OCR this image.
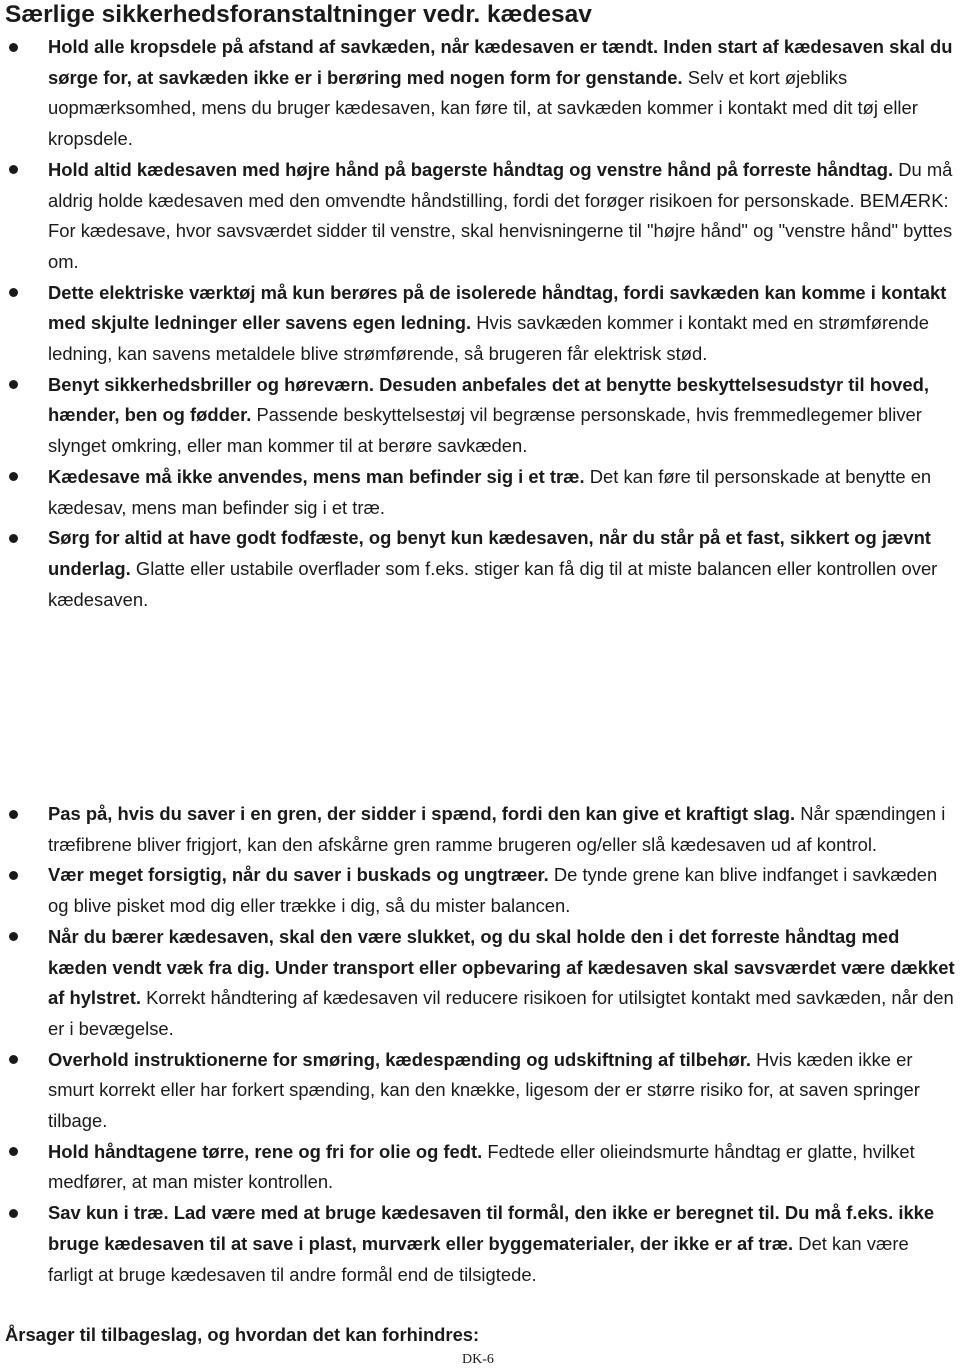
Særlige sikkerhedsforanstaltninger vedr. kædesav
Hold alle kropsdele på afstand af savkæden, når kædesaven er tændt. Inden start af kædesaven skal du sørge for, at savkæden ikke er i berøring med nogen form for genstande. Selv et kort øjebliks uopmærksomhed, mens du bruger kædesaven, kan føre til, at savkæden kommer i kontakt med dit tøj eller kropsdele.
Hold altid kædesaven med højre hånd på bagerste håndtag og venstre hånd på forreste håndtag. Du må aldrig holde kædesaven med den omvendte håndstilling, fordi det forøger risikoen for personskade. BEMÆRK: For kædesave, hvor savsværdet sidder til venstre, skal henvisningerne til "højre hånd" og "venstre hånd" byttes om.
Dette elektriske værktøj må kun berøres på de isolerede håndtag, fordi savkæden kan komme i kontakt med skjulte ledninger eller savens egen ledning. Hvis savkæden kommer i kontakt med en strømførende ledning, kan savens metaldele blive strømførende, så brugeren får elektrisk stød.
Benyt sikkerhedsbriller og høreværn. Desuden anbefales det at benytte beskyttelsesudstyr til hoved, hænder, ben og fødder. Passende beskyttelsestøj vil begrænse personskade, hvis fremmedlegemer bliver slynget omkring, eller man kommer til at berøre savkæden.
Kædesave må ikke anvendes, mens man befinder sig i et træ. Det kan føre til personskade at benytte en kædesav, mens man befinder sig i et træ.
Sørg for altid at have godt fodfæste, og benyt kun kædesaven, når du står på et fast, sikkert og jævnt underlag. Glatte eller ustabile overflader som f.eks. stiger kan få dig til at miste balancen eller kontrollen over kædesaven.
Pas på, hvis du saver i en gren, der sidder i spænd, fordi den kan give et kraftigt slag. Når spændingen i træfibrene bliver frigjort, kan den afskårne gren ramme brugeren og/eller slå kædesaven ud af kontrol.
Vær meget forsigtig, når du saver i buskads og ungtræer. De tynde grene kan blive indfanget i savkæden og blive pisket mod dig eller trække i dig, så du mister balancen.
Når du bærer kædesaven, skal den være slukket, og du skal holde den i det forreste håndtag med kæden vendt væk fra dig. Under transport eller opbevaring af kædesaven skal savsværdet være dækket af hylstret. Korrekt håndtering af kædesaven vil reducere risikoen for utilsigtet kontakt med savkæden, når den er i bevægelse.
Overhold instruktionerne for smøring, kædespænding og udskiftning af tilbehør. Hvis kæden ikke er smurt korrekt eller har forkert spænding, kan den knække, ligesom der er større risiko for, at saven springer tilbage.
Hold håndtagene tørre, rene og fri for olie og fedt. Fedtede eller olieindsmurte håndtag er glatte, hvilket medfører, at man mister kontrollen.
Sav kun i træ. Lad være med at bruge kædesaven til formål, den ikke er beregnet til. Du må f.eks. ikke bruge kædesaven til at save i plast, murværk eller byggematerialer, der ikke er af træ. Det kan være farligt at bruge kædesaven til andre formål end de tilsigtede.
Årsager til tilbageslag, og hvordan det kan forhindres:
DK-6
